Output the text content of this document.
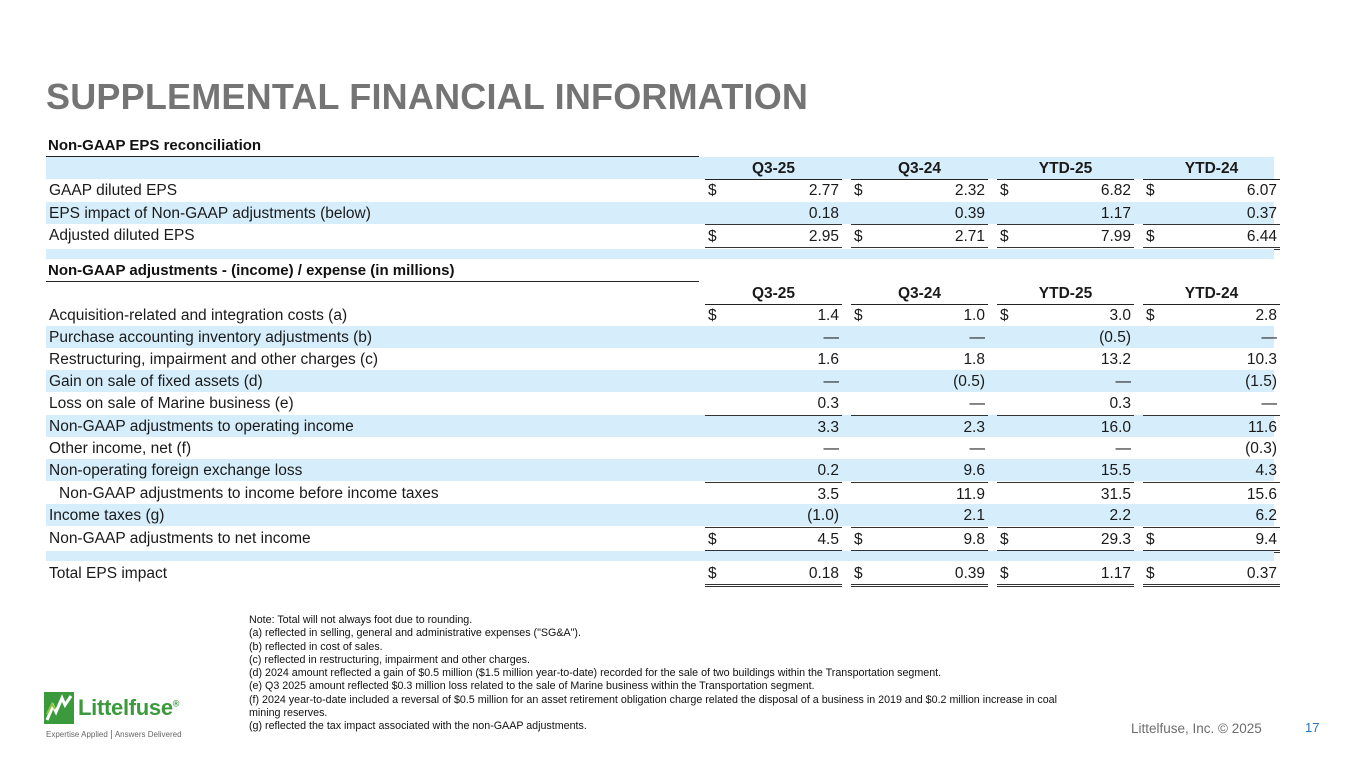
SUPPLEMENTAL FINANCIAL INFORMATION
Non-GAAP EPS reconciliation
Q3-25	Q3-24	YTD-25	YTD-24
GAAP diluted EPS	$	2.77 $	2.32 $	6.82 $	6.07
EPS impact of Non-GAAP adjustments (below)	0.18	0.39	1.17	0.37
Adjusted diluted EPS	$	2.95 $	2.71 $	7.99 $	6.44
Non-GAAP adjustments - (income) / expense (in millions)
Q3-25	Q3-24	YTD-25	YTD-24
Acquisition-related and integration costs (a)	$	1.4 $	1.0 $	3.0 $	2.8
Purchase accounting inventory adjustments (b)	—	—	(0.5)	—
Restructuring, impairment and other charges (c)	1.6	1.8	13.2	10.3
Gain on sale of fixed assets (d)	—	(0.5)	—	(1.5)
Loss on sale of Marine business (e)	0.3	—	0.3	—
Non-GAAP adjustments to operating income	3.3	2.3	16.0	11.6
Other income, net (f)	—	—	—	(0.3)
Non-operating foreign exchange loss	0.2	9.6	15.5	4.3
Non-GAAP adjustments to income before income taxes	3.5	11.9	31.5	15.6
Income taxes (g)	(1.0)	2.1	2.2	6.2
Non-GAAP adjustments to net income	$	4.5 $	9.8 $	29.3 $	9.4
Total EPS impact	$	0.18 $	0.39 $	1.17 $	0.37
Note: Total will not always foot due to rounding.
(a) reflected in selling, general and administrative expenses ("SG&A").
(b) reflected in cost of sales.
(c) reflected in restructuring, impairment and other charges.
(d) 2024 amount reflected a gain of $0.5 million ($1.5 million year-to-date) recorded for the sale of two buildings within the Transportation segment.
(e) Q3 2025 amount reflected $0.3 million loss related to the sale of Marine business within the Transportation segment.
(f) 2024 year-to-date included a reversal of $0.5 million for an asset retirement obligation charge related the disposal of a business in 2019 and $0.2 million increase in coal mining reserves.
(g) reflected the tax impact associated with the non-GAAP adjustments.
Littelfuse®
Expertise Applied Answers Delivered	Littelfuse, Inc. © 2025	17
